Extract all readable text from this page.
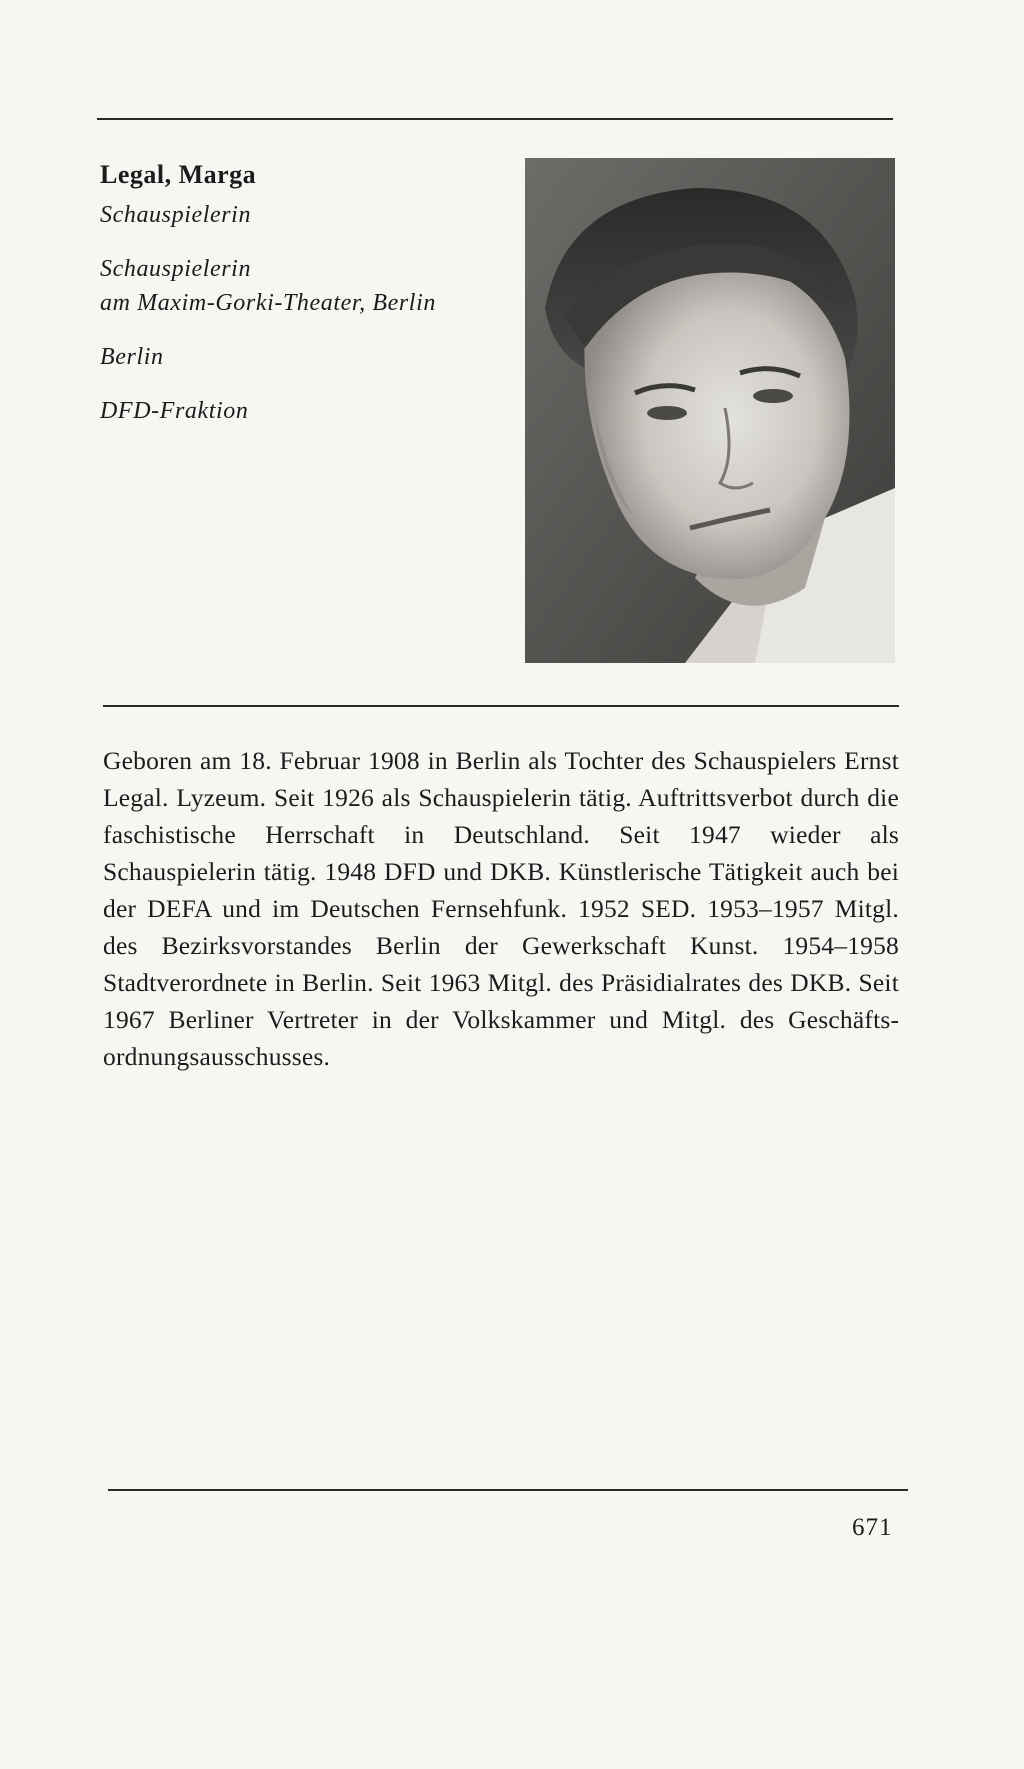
Legal, Marga

Schauspielerin

Schauspielerin

am Maxim-Gorki-Theater, Berlin

Berlin

DFD-Fraktion

Geboren am 18. Februar 1908 in Berlin als Tochter des Schauspielers Ernst Legal. Lyzeum. Seit 1926 als Schauspielerin tätig. Auftrittsverbot durch die faschistische Herrschaft in Deutschland. Seit 1947 wieder als Schauspielerin tätig. 1948 DFD und DKB. Künstlerische Tätigkeit auch bei der DEFA und im Deutschen Fernsehfunk. 1952 SED. 1953–1957 Mitgl. des Bezirksvorstandes Berlin der Gewerkschaft Kunst. 1954–1958 Stadtverordnete in Berlin. Seit 1963 Mitgl. des Präsidialrates des DKB. Seit 1967 Berliner Vertreter in der Volkskammer und Mitgl. des Geschäftsordnungsausschusses.

671
